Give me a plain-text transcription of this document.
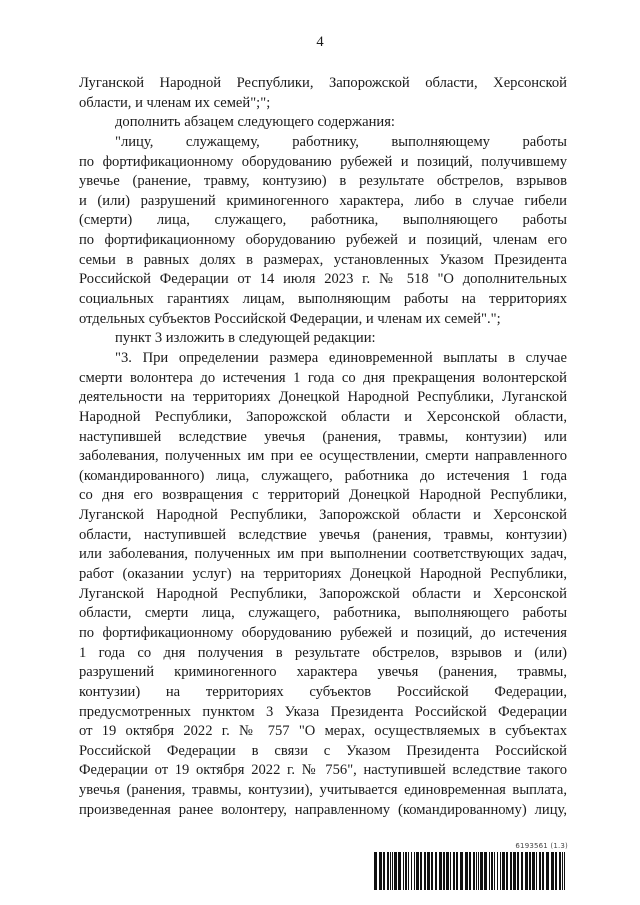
4
Луганской Народной Республики, Запорожской области, Херсонской
области, и членам их семей";";
дополнить абзацем следующего содержания:
"лицу, служащему, работнику, выполняющему работы
по фортификационному оборудованию рубежей и позиций, получившему
увечье (ранение, травму, контузию) в результате обстрелов, взрывов
и (или) разрушений криминогенного характера, либо в случае гибели
(смерти) лица, служащего, работника, выполняющего работы
по фортификационному оборудованию рубежей и позиций, членам его
семьи в равных долях в размерах, установленных Указом Президента
Российской Федерации от 14 июля 2023 г. № 518 "О дополнительных
социальных гарантиях лицам, выполняющим работы на территориях
отдельных субъектов Российской Федерации, и членам их семей".";
пункт 3 изложить в следующей редакции:
"3. При определении размера единовременной выплаты в случае
смерти волонтера до истечения 1 года со дня прекращения волонтерской
деятельности на территориях Донецкой Народной Республики, Луганской
Народной Республики, Запорожской области и Херсонской области,
наступившей вследствие увечья (ранения, травмы, контузии) или
заболевания, полученных им при ее осуществлении, смерти направленного
(командированного) лица, служащего, работника до истечения 1 года
со дня его возвращения с территорий Донецкой Народной Республики,
Луганской Народной Республики, Запорожской области и Херсонской
области, наступившей вследствие увечья (ранения, травмы, контузии)
или заболевания, полученных им при выполнении соответствующих задач,
работ (оказании услуг) на территориях Донецкой Народной Республики,
Луганской Народной Республики, Запорожской области и Херсонской
области, смерти лица, служащего, работника, выполняющего работы
по фортификационному оборудованию рубежей и позиций, до истечения
1 года со дня получения в результате обстрелов, взрывов и (или)
разрушений криминогенного характера увечья (ранения, травмы,
контузии) на территориях субъектов Российской Федерации,
предусмотренных пунктом 3 Указа Президента Российской Федерации
от 19 октября 2022 г. № 757 "О мерах, осуществляемых в субъектах
Российской Федерации в связи с Указом Президента Российской
Федерации от 19 октября 2022 г. № 756", наступившей вследствие такого
увечья (ранения, травмы, контузии), учитывается единовременная выплата,
произведенная ранее волонтеру, направленному (командированному) лицу,
6193561 (1.3)
